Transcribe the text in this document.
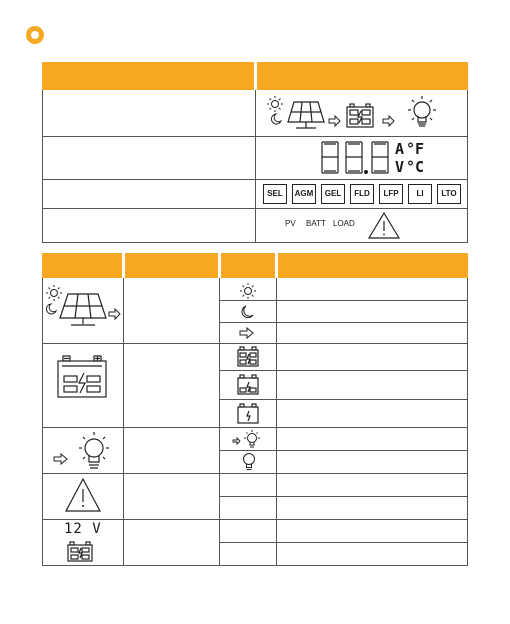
A °F
V °C
SEL	AGM	GEL	FLD	LFP	LI	LTO
PV BATT LOAD
12 V
